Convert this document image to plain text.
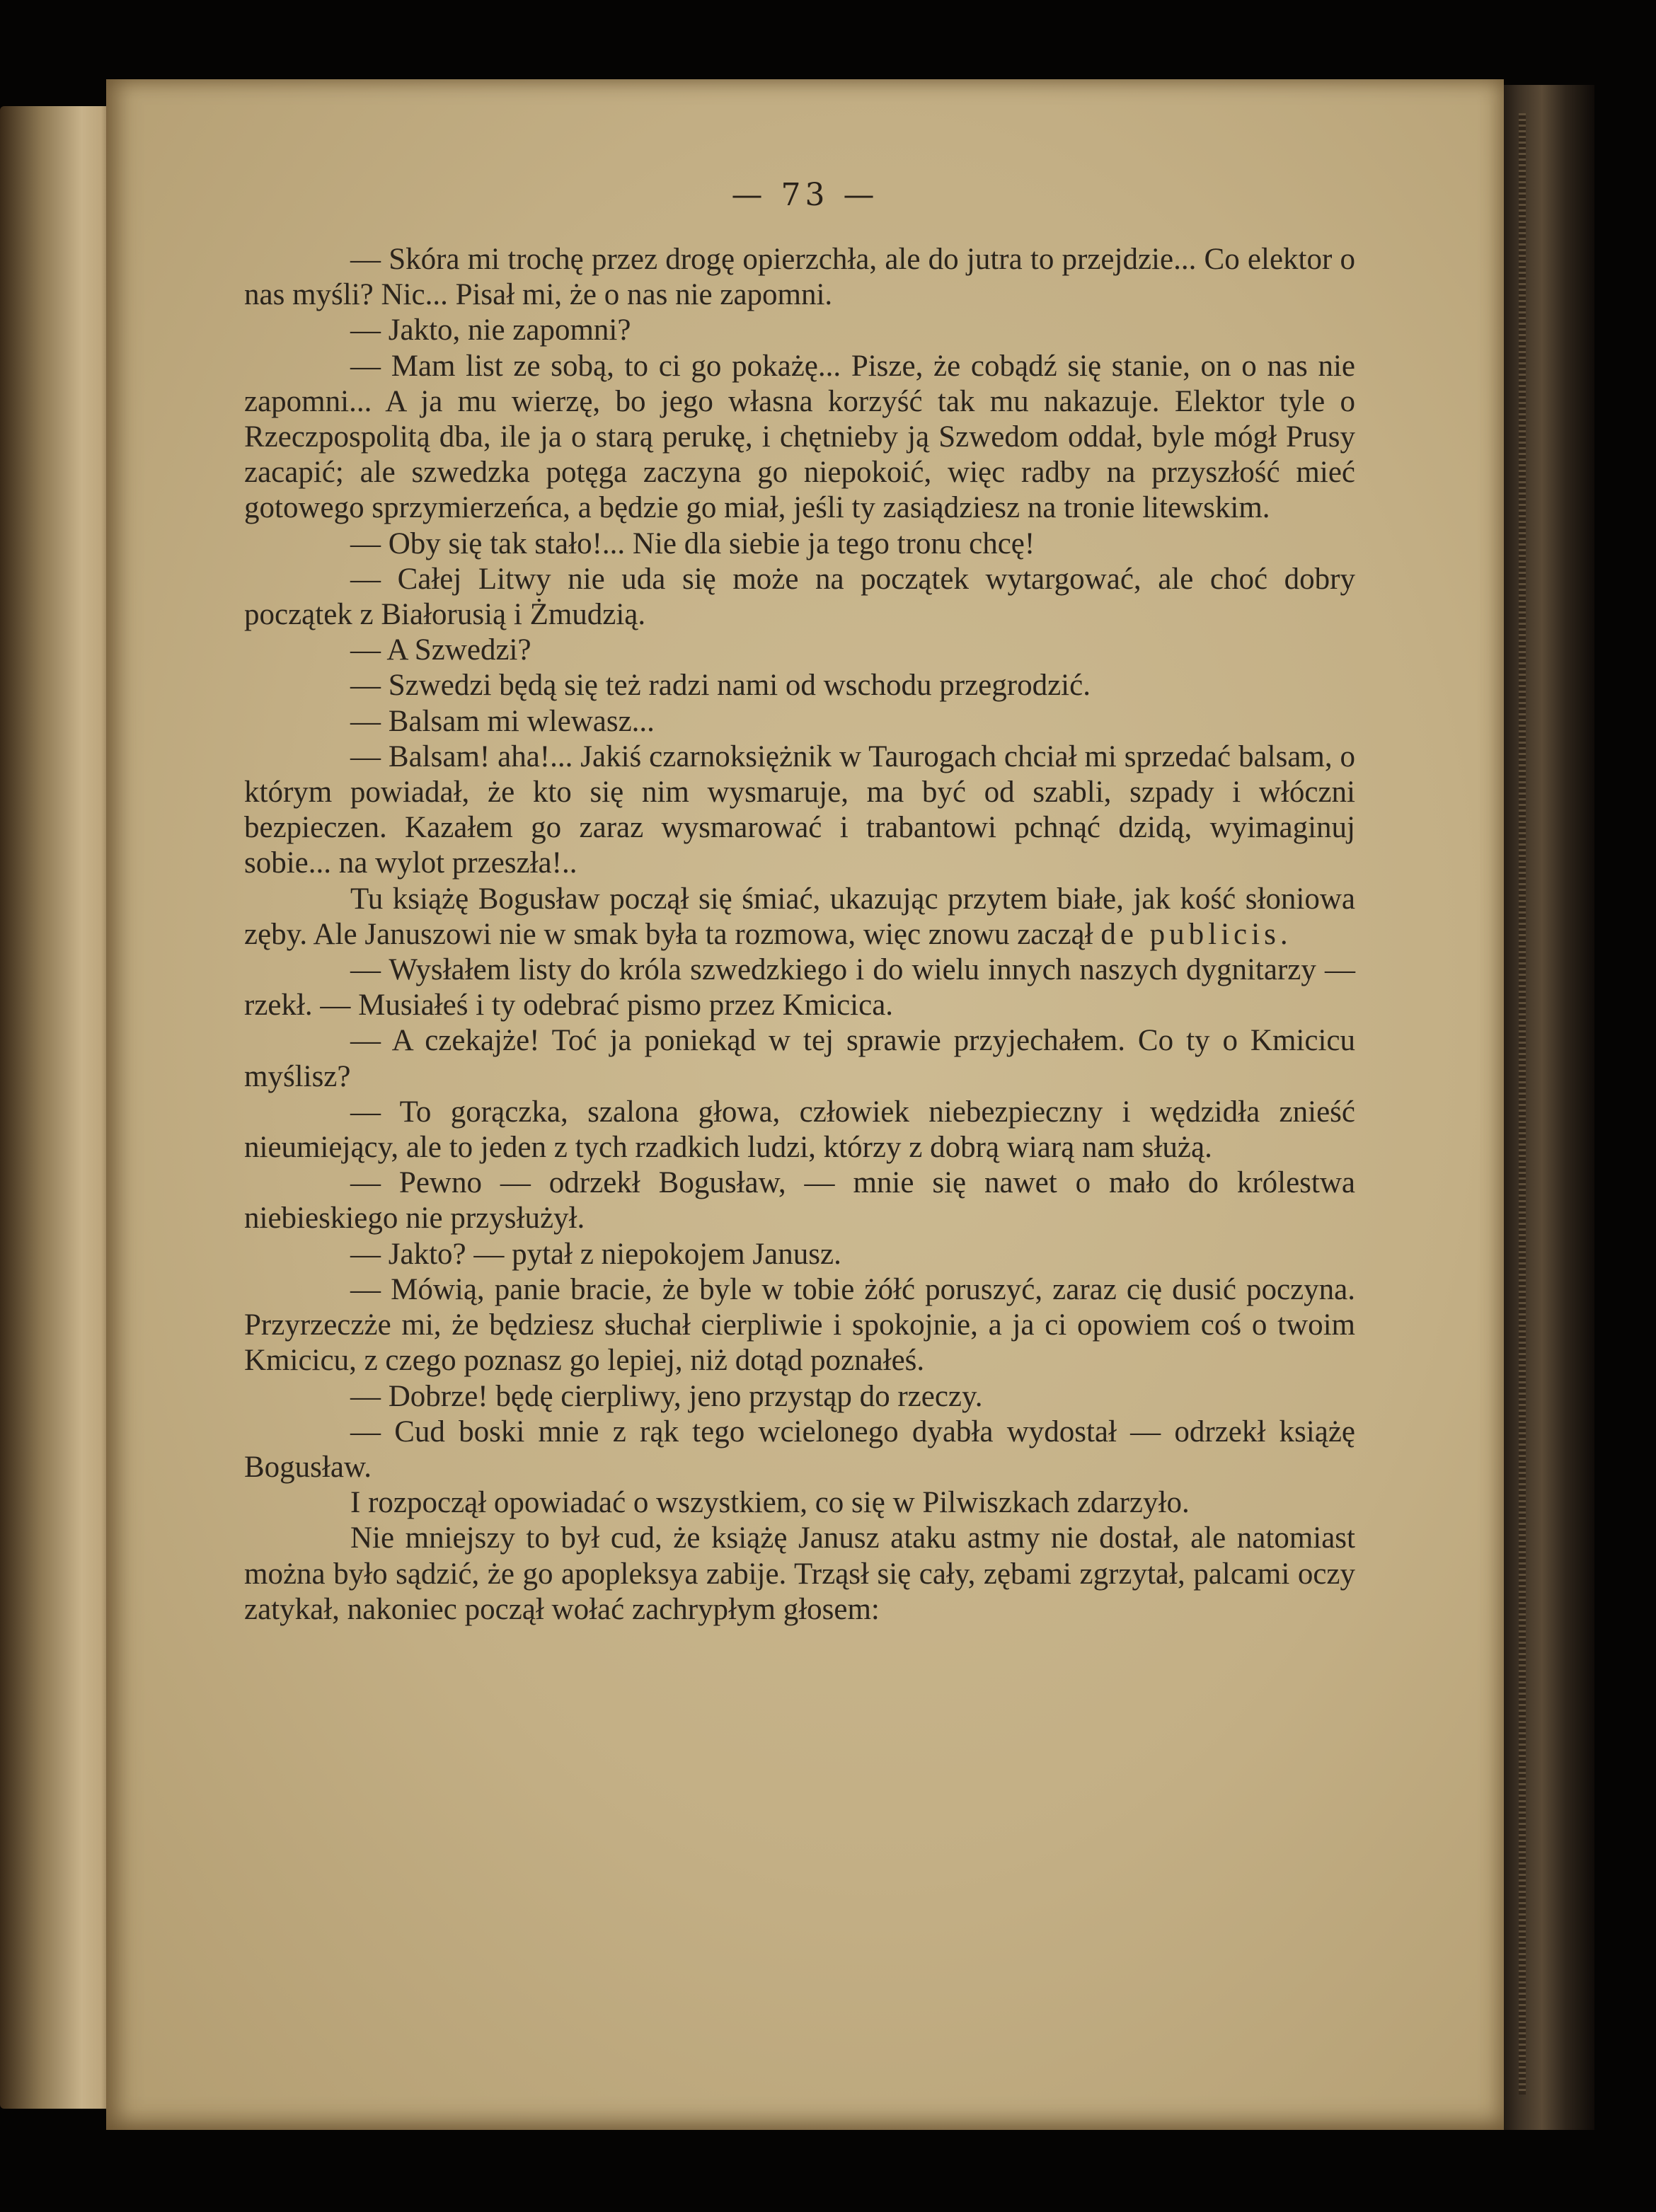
— 73 —

— Skóra mi trochę przez drogę opierzchła, ale do jutra to przejdzie... Co elektor o nas myśli? Nic... Pisał mi, że o nas nie zapomni.

— Jakto, nie zapomni?

— Mam list ze sobą, to ci go pokażę... Pisze, że cobądź się stanie, on o nas nie zapomni... A ja mu wierzę, bo jego własna korzyść tak mu nakazuje. Elektor tyle o Rzeczpospolitą dba, ile ja o starą perukę, i chętnieby ją Szwedom oddał, byle mógł Prusy zacapić; ale szwedzka potęga zaczyna go niepokoić, więc radby na przyszłość mieć gotowego sprzymierzeńca, a będzie go miał, jeśli ty zasiądziesz na tronie litewskim.

— Oby się tak stało!... Nie dla siebie ja tego tronu chcę!

— Całej Litwy nie uda się może na początek wytargować, ale choć dobry początek z Białorusią i Żmudzią.

— A Szwedzi?

— Szwedzi będą się też radzi nami od wschodu przegrodzić.

— Balsam mi wlewasz...

— Balsam! aha!... Jakiś czarnoksiężnik w Taurogach chciał mi sprzedać balsam, o którym powiadał, że kto się nim wysmaruje, ma być od szabli, szpady i włóczni bezpieczen. Kazałem go zaraz wysmarować i trabantowi pchnąć dzidą, wyimaginuj sobie... na wylot przeszła!..

Tu książę Bogusław począł się śmiać, ukazując przytem białe, jak kość słoniowa zęby. Ale Januszowi nie w smak była ta rozmowa, więc znowu zaczął de publicis.

— Wysłałem listy do króla szwedzkiego i do wielu innych naszych dygnitarzy — rzekł. — Musiałeś i ty odebrać pismo przez Kmicica.

— A czekajże! Toć ja poniekąd w tej sprawie przyjechałem. Co ty o Kmicicu myślisz?

— To gorączka, szalona głowa, człowiek niebezpieczny i wędzidła znieść nieumiejący, ale to jeden z tych rzadkich ludzi, którzy z dobrą wiarą nam służą.

— Pewno — odrzekł Bogusław, — mnie się nawet o mało do królestwa niebieskiego nie przysłużył.

— Jakto? — pytał z niepokojem Janusz.

— Mówią, panie bracie, że byle w tobie żółć poruszyć, zaraz cię dusić poczyna. Przyrzeczże mi, że będziesz słuchał cierpliwie i spokojnie, a ja ci opowiem coś o twoim Kmicicu, z czego poznasz go lepiej, niż dotąd poznałeś.

— Dobrze! będę cierpliwy, jeno przystąp do rzeczy.

— Cud boski mnie z rąk tego wcielonego dyabła wydostał — odrzekł książę Bogusław.

I rozpoczął opowiadać o wszystkiem, co się w Pilwiszkach zdarzyło.

Nie mniejszy to był cud, że książę Janusz ataku astmy nie dostał, ale natomiast można było sądzić, że go apopleksya zabije. Trząsł się cały, zębami zgrzytał, palcami oczy zatykał, nakoniec począł wołać zachrypłym głosem:
